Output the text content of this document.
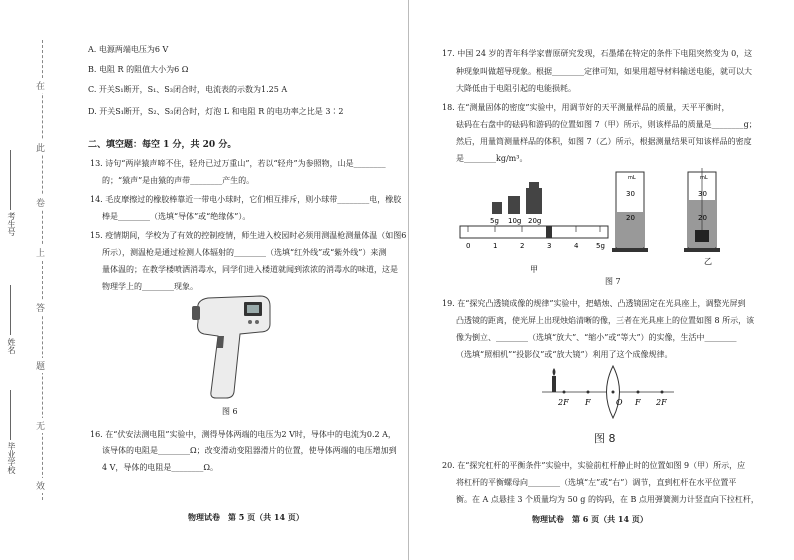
在
此
卷
上
答
题
无
效
考生号
姓名
毕业学校
A. 电源两端电压为6 V
B. 电阻 R 的阻值大小为6 Ω
C. 开关S₁断开，S₁、S₃闭合时，电流表的示数为1.25 A
D. 开关S₁断开，S₂、S₃闭合时，灯泡 L 和电阻 R 的电功率之比是 3∶2
二、填空题：每空 1 分，共 20 分。
13. 诗句“两岸猿声啼不住，轻舟已过万重山”，若以“轻舟”为参照物，山是________
的；“猿声”是由猿的声带________产生的。
14. 毛皮摩擦过的橡胶棒靠近一带电小球时，它们相互排斥，则小球带________电，橡胶
棒是________（选填“导体”或“绝缘体”）。
15. 疫情期间，学校为了有效的控制疫情，师生进入校园时必须用测温枪测量体温（如图6
所示），测温枪是通过检测人体辐射的________（选填“红外线”或“紫外线”）来测
量体温的；在教学楼喷洒消毒水，同学们进入楼道就闻到浓浓的消毒水的味道，这是
物理学上的________现象。
图 6
16. 在“伏安法测电阻”实验中，测得导体两端的电压为2 V时，导体中的电流为0.2 A，
该导体的电阻是________Ω；改变滑动变阻器滑片的位置，使导体两端的电压增加到
4 V，导体的电阻是________Ω。
物理试卷　第 5 页（共 14 页）
17. 中国 24 岁的青年科学家曹原研究发现，石墨烯在特定的条件下电阻突然变为 0，这
种现象叫做超导现象。根据________定律可知，如果用超导材料输送电能，就可以大
大降低由于电阻引起的电能损耗。
18. 在“测量固体的密度”实验中，用调节好的天平测量样品的质量，天平平衡时，
砝码在右盘中的砝码和游码的位置如图 7（甲）所示，则该样品的质量是________g；
然后，用量筒测量样品的体积，如图 7（乙）所示，根据测量结果可知该样品的密度
是________kg/m³。
5g 10g 20g
0	1	2	3	4	5g
甲
mL
30
20
mL
30
20
乙
图 7
19. 在“探究凸透镜成像的规律”实验中，把蜡烛、凸透镜固定在光具座上，调整光屏到
凸透镜的距离，使光屏上出现烛焰清晰的像，三者在光具座上的位置如图 8 所示，该
像为倒立、________（选填“放大”、“缩小”或“等大”）的实像，生活中________
（选填“照相机”“投影仪”或“放大镜”）利用了这个成像规律。
2F F	O F 2F
图 8
20. 在“探究杠杆的平衡条件”实验中，实验前杠杆静止时的位置如图 9（甲）所示，应
将杠杆的平衡螺母向________（选填“左”或“右”）调节，直到杠杆在水平位置平
衡。在 A 点悬挂 3 个质量均为 50 g 的钩码，在 B 点用弹簧测力计竖直向下拉杠杆，
物理试卷　第 6 页（共 14 页）
